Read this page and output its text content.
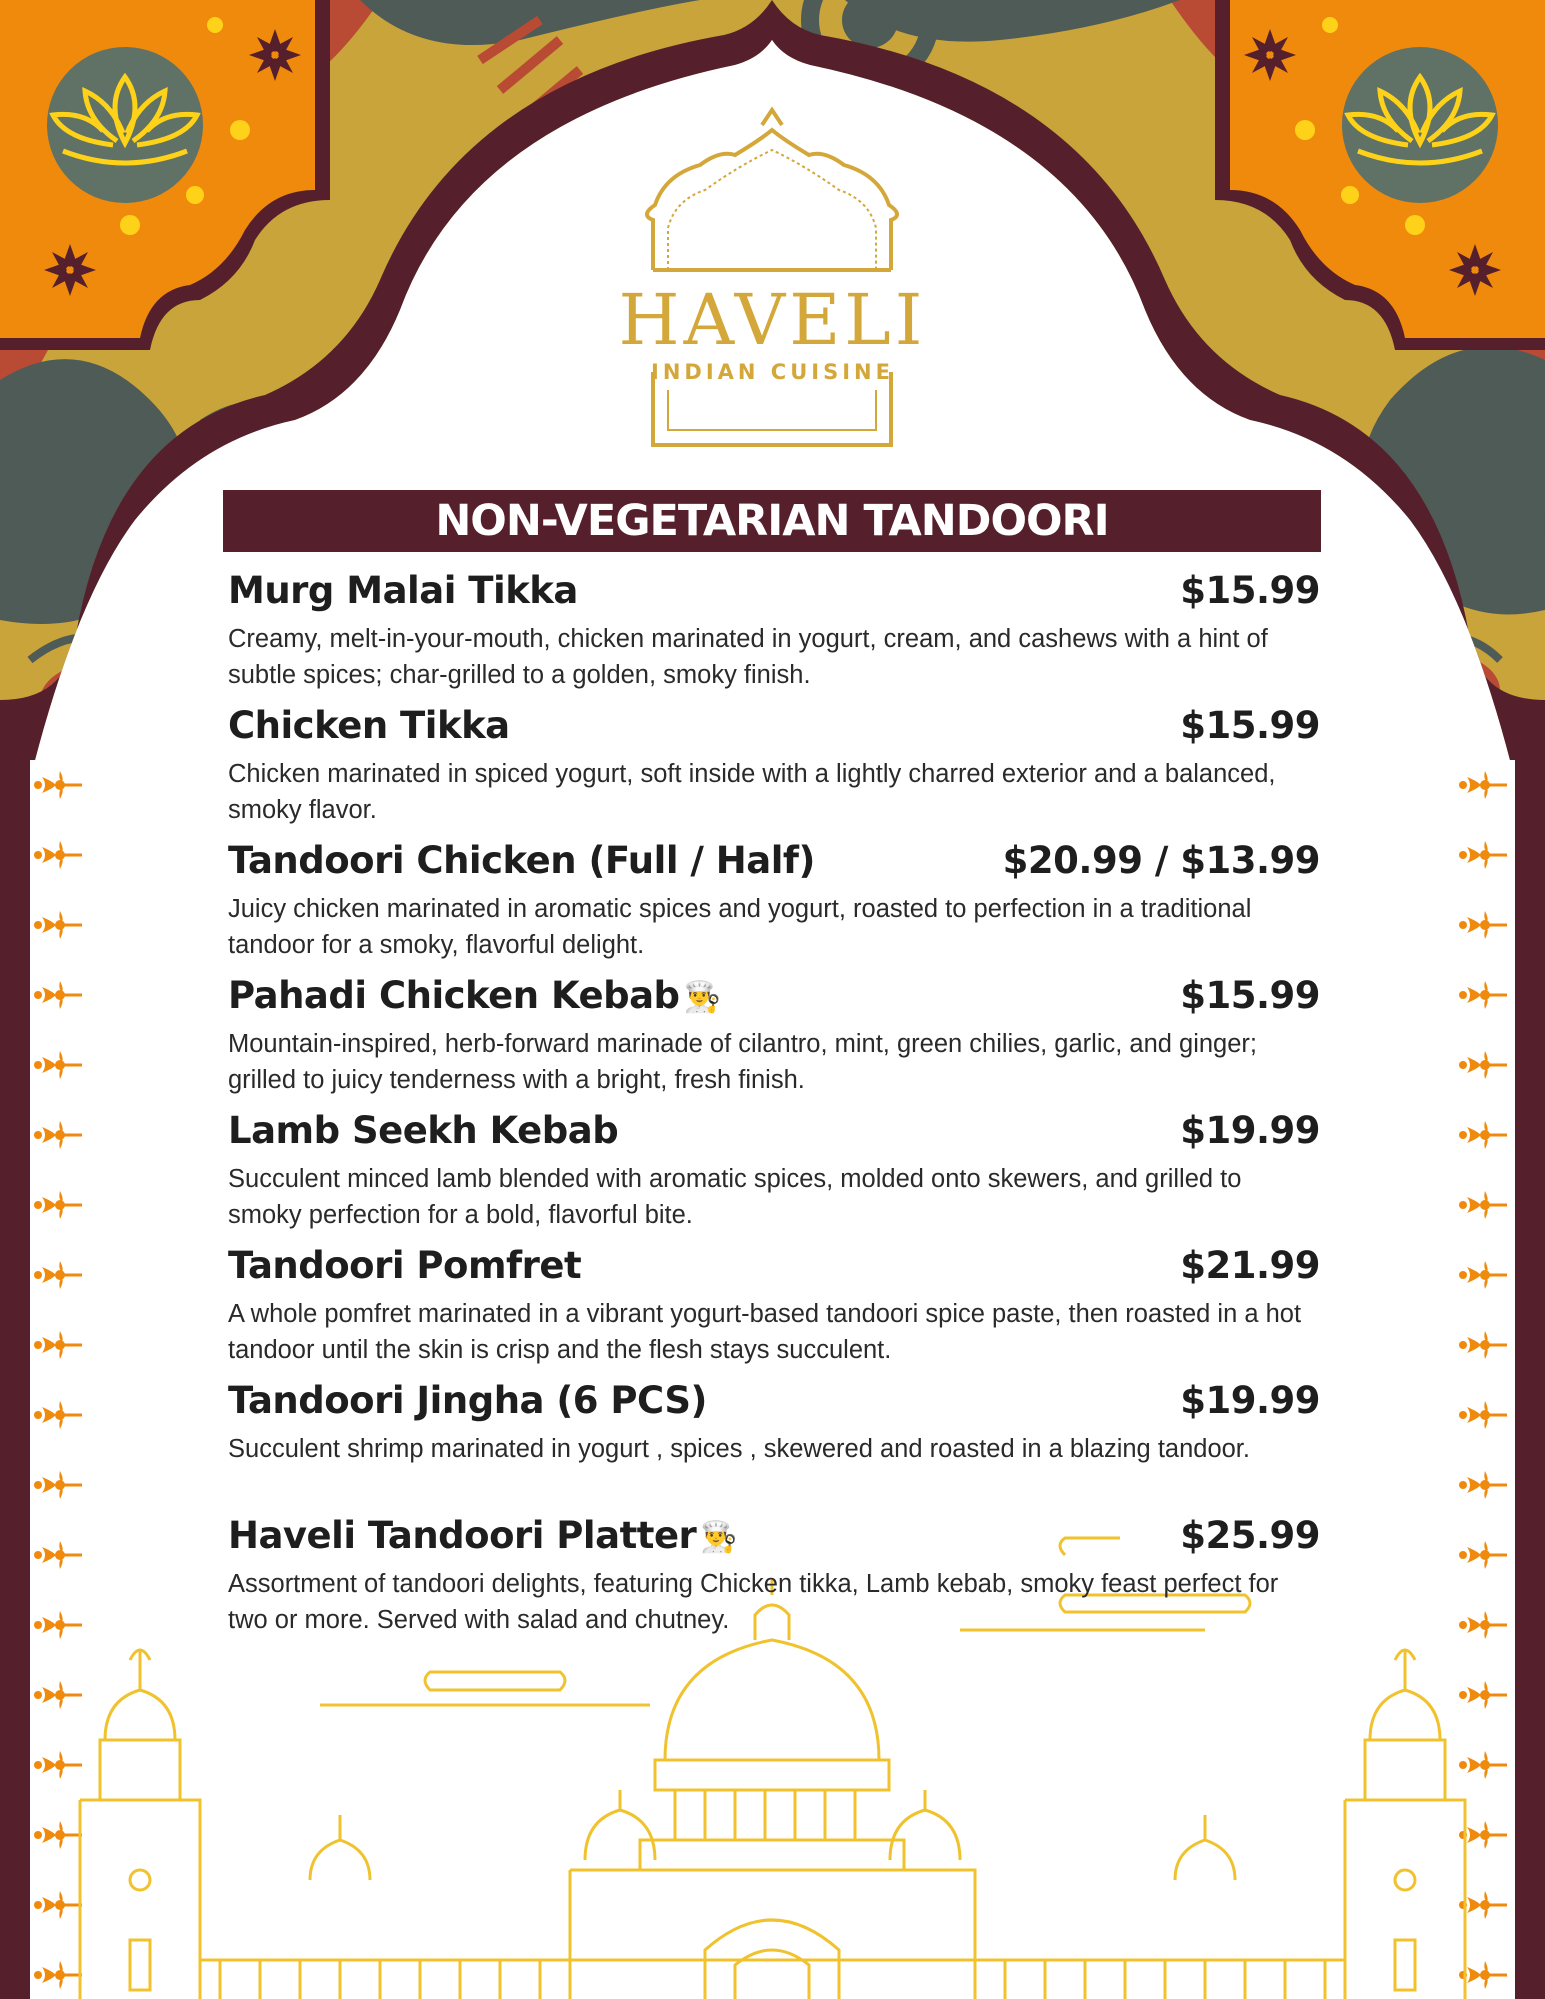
HAVELI
INDIAN CUISINE
NON-VEGETARIAN TANDOORI
Murg Malai Tikka	$15.99
Creamy, melt-in-your-mouth, chicken marinated in yogurt, cream, and cashews with a hint of subtle spices; char-grilled to a golden, smoky finish.
Chicken Tikka	$15.99
Chicken marinated in spiced yogurt, soft inside with a lightly charred exterior and a balanced, smoky flavor.
Tandoori Chicken (Full / Half)	$20.99 / $13.99
Juicy chicken marinated in aromatic spices and yogurt, roasted to perfection in a traditional tandoor for a smoky, flavorful delight.
Pahadi Chicken Kebab 👨‍🍳	$15.99
Mountain-inspired, herb-forward marinade of cilantro, mint, green chilies, garlic, and ginger; grilled to juicy tenderness with a bright, fresh finish.
Lamb Seekh Kebab	$19.99
Succulent minced lamb blended with aromatic spices, molded onto skewers, and grilled to smoky perfection for a bold, flavorful bite.
Tandoori Pomfret	$21.99
A whole pomfret marinated in a vibrant yogurt-based tandoori spice paste, then roasted in a hot tandoor until the skin is crisp and the flesh stays succulent.
Tandoori Jingha (6 PCS)	$19.99
Succulent shrimp marinated in yogurt , spices , skewered and roasted in a blazing tandoor.
Haveli Tandoori Platter 👨‍🍳	$25.99
Assortment of tandoori delights, featuring Chicken tikka, Lamb kebab, smoky feast perfect for two or more. Served with salad and chutney.
